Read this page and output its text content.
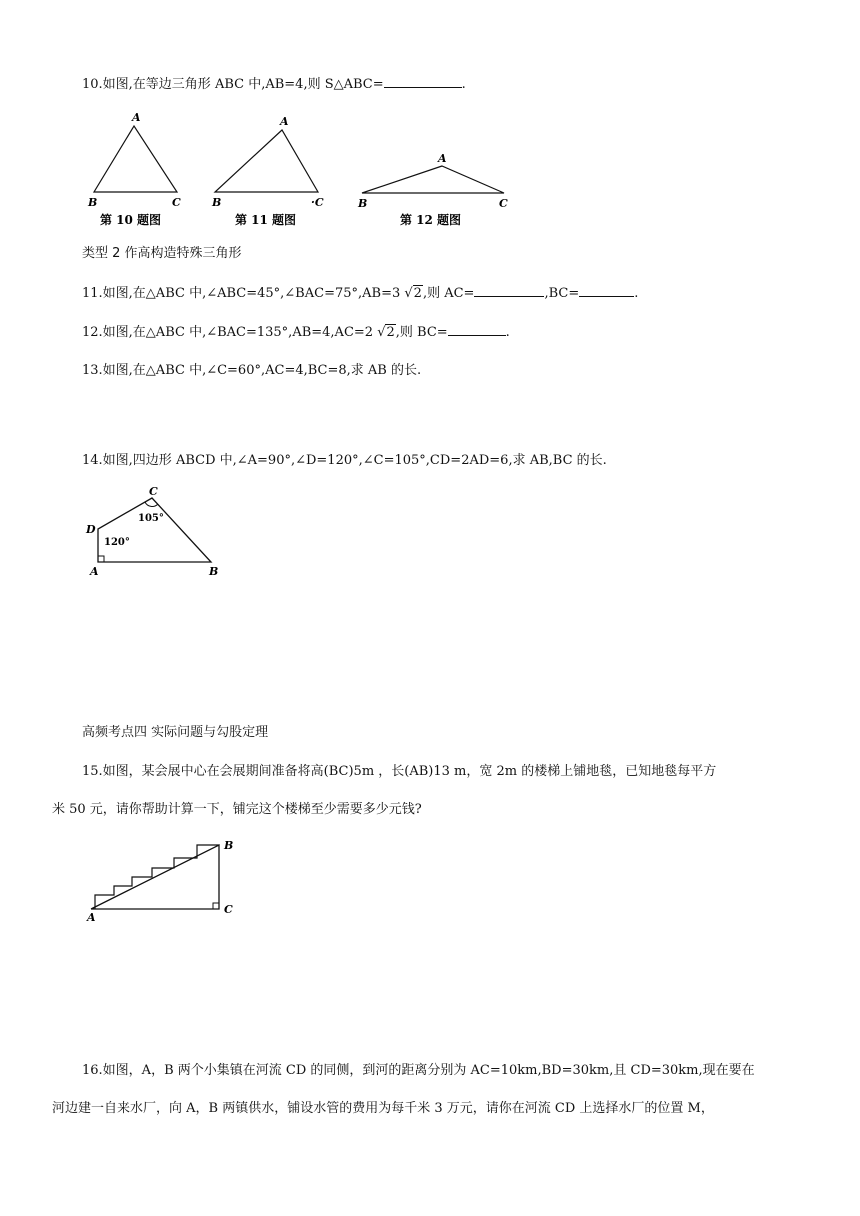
10.如图,在等边三角形 ABC 中,AB=4,则 S△ABC=	.
A
B	C
第 10 题图
A
B	·C
第 11 题图
A
B	C
第 12 题图
类型 2 作高构造特殊三角形
11.如图,在△ABC 中,∠ABC=45°,∠BAC=75°,AB=3 √2,则 AC=	,BC=	.
12.如图,在△ABC 中,∠BAC=135°,AB=4,AC=2 √2,则 BC=	.
13.如图,在△ABC 中,∠C=60°,AC=4,BC=8,求 AB 的长.
14.如图,四边形 ABCD 中,∠A=90°,∠D=120°,∠C=105°,CD=2AD=6,求 AB,BC 的长.
C
D
A	B
105°
120°
高频考点四 实际问题与勾股定理
15.如图，某会展中心在会展期间准备将高(BC)5m ，长(AB)13 m，宽 2m 的楼梯上铺地毯，已知地毯每平方
米 50 元，请你帮助计算一下，铺完这个楼梯至少需要多少元钱?
A
B
C
16.如图，A，B 两个小集镇在河流 CD 的同侧，到河的距离分别为 AC=10km,BD=30km,且 CD=30km,现在要在
河边建一自来水厂，向 A，B 两镇供水，铺设水管的费用为每千米 3 万元，请你在河流 CD 上选择水厂的位置 M，
